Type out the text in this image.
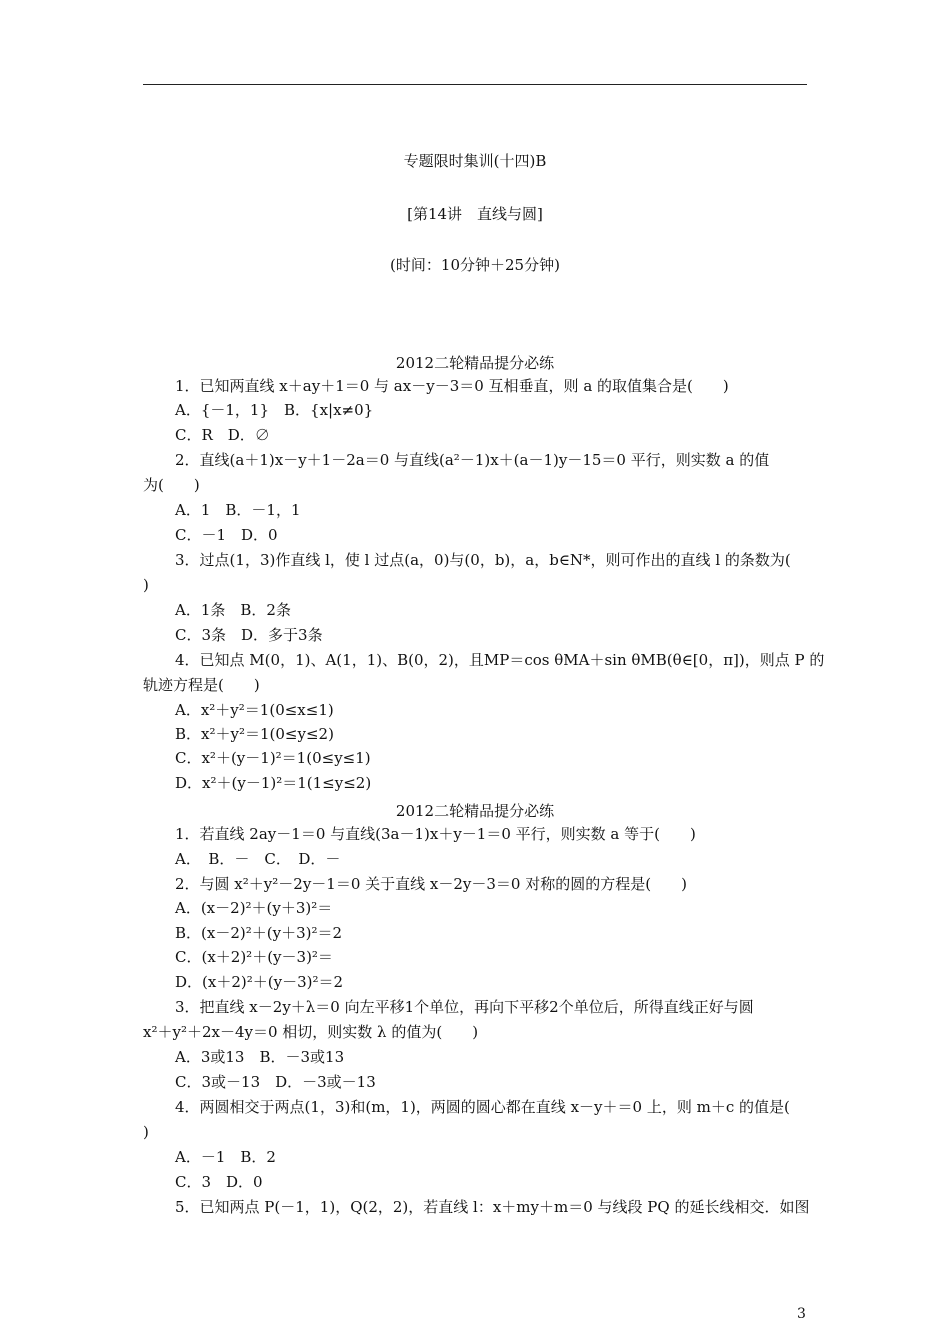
专题限时集训(十四)B
[第14讲　直线与圆]
(时间：10分钟＋25分钟)
2012二轮精品提分必练
1．已知两直线 x＋ay＋1＝0 与 ax－y－3＝0 互相垂直，则 a 的取值集合是(　　)
A．{－1，1}　B．{x|x≠0}
C．R　D．∅
2．直线(a＋1)x－y＋1－2a＝0 与直线(a²－1)x＋(a－1)y－15＝0 平行，则实数 a 的值
为(　　)
A．1　B．－1，1
C．－1　D．0
3．过点(1，3)作直线 l，使 l 过点(a，0)与(0，b)，a，b∈N*，则可作出的直线 l 的条数为(
)
A．1条　B．2条
C．3条　D．多于3条
4．已知点 M(0，1)、A(1，1)、B(0，2)，且MP＝cos θMA＋sin θMB(θ∈[0，π])，则点 P 的
轨迹方程是(　　)
A．x²＋y²＝1(0≤x≤1)
B．x²＋y²＝1(0≤y≤2)
C．x²＋(y－1)²＝1(0≤y≤1)
D．x²＋(y－1)²＝1(1≤y≤2)
2012二轮精品提分必练
1．若直线 2ay－1＝0 与直线(3a－1)x＋y－1＝0 平行，则实数 a 等于(　　)
A．　B．－　C．　D．－
2．与圆 x²＋y²－2y－1＝0 关于直线 x－2y－3＝0 对称的圆的方程是(　　)
A．(x－2)²＋(y＋3)²＝
B．(x－2)²＋(y＋3)²＝2
C．(x＋2)²＋(y－3)²＝
D．(x＋2)²＋(y－3)²＝2
3．把直线 x－2y＋λ＝0 向左平移1个单位，再向下平移2个单位后，所得直线正好与圆
x²＋y²＋2x－4y＝0 相切，则实数 λ 的值为(　　)
A．3或13　B．－3或13
C．3或－13　D．－3或－13
4．两圆相交于两点(1，3)和(m，1)，两圆的圆心都在直线 x－y＋＝0 上，则 m＋c 的值是(
)
A．－1　B．2
C．3　D．0
5．已知两点 P(－1，1)，Q(2，2)，若直线 l：x＋my＋m＝0 与线段 PQ 的延长线相交．如图
3
